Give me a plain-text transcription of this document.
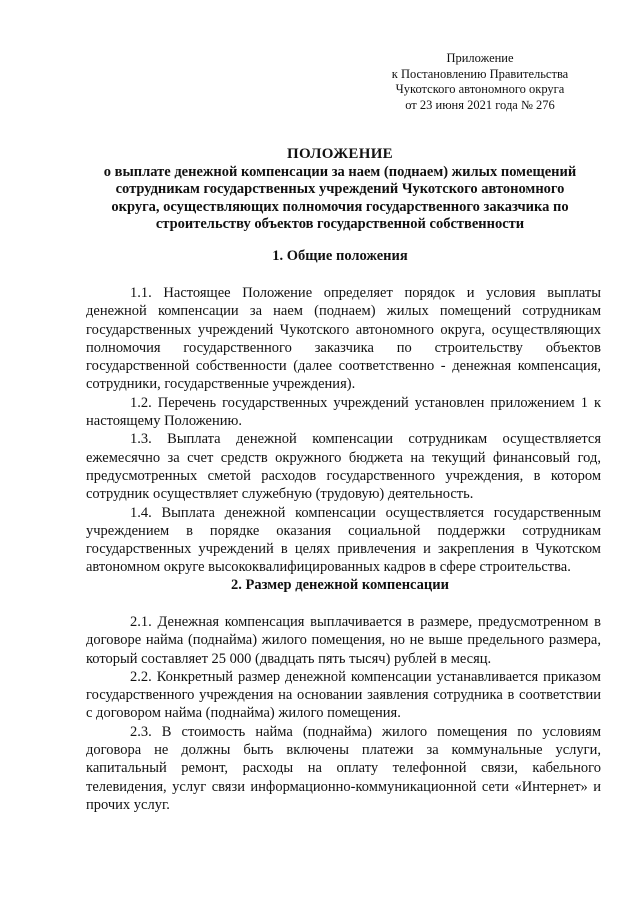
Приложение
к Постановлению Правительства
Чукотского автономного округа
от 23 июня 2021 года № 276
ПОЛОЖЕНИЕ
о выплате денежной компенсации за наем (поднаем) жилых помещений
сотрудникам государственных учреждений Чукотского автономного
округа, осуществляющих полномочия государственного заказчика по
строительству объектов государственной собственности
1. Общие положения

1.1. Настоящее Положение определяет порядок и условия выплаты денежной компенсации за наем (поднаем) жилых помещений сотрудникам государственных учреждений Чукотского автономного округа, осуществляющих полномочия государственного заказчика по строительству объектов государственной собственности (далее соответственно - денежная компенсация, сотрудники, государственные учреждения).

1.2. Перечень государственных учреждений установлен приложением 1 к настоящему Положению.

1.3. Выплата денежной компенсации сотрудникам осуществляется ежемесячно за счет средств окружного бюджета на текущий финансовый год, предусмотренных сметой расходов государственного учреждения, в котором сотрудник осуществляет служебную (трудовую) деятельность.

1.4. Выплата денежной компенсации осуществляется государственным учреждением в порядке оказания социальной поддержки сотрудникам государственных учреждений в целях привлечения и закрепления в Чукотском автономном округе высококвалифицированных кадров в сфере строительства.

2. Размер денежной компенсации

2.1. Денежная компенсация выплачивается в размере, предусмотренном в договоре найма (поднайма) жилого помещения, но не выше предельного размера, который составляет 25 000 (двадцать пять тысяч) рублей в месяц.

2.2. Конкретный размер денежной компенсации устанавливается приказом государственного учреждения на основании заявления сотрудника в соответствии с договором найма (поднайма) жилого помещения.

2.3. В стоимость найма (поднайма) жилого помещения по условиям договора не должны быть включены платежи за коммунальные услуги, капитальный ремонт, расходы на оплату телефонной связи, кабельного телевидения, услуг связи информационно-коммуникационной сети «Интернет» и прочих услуг.
